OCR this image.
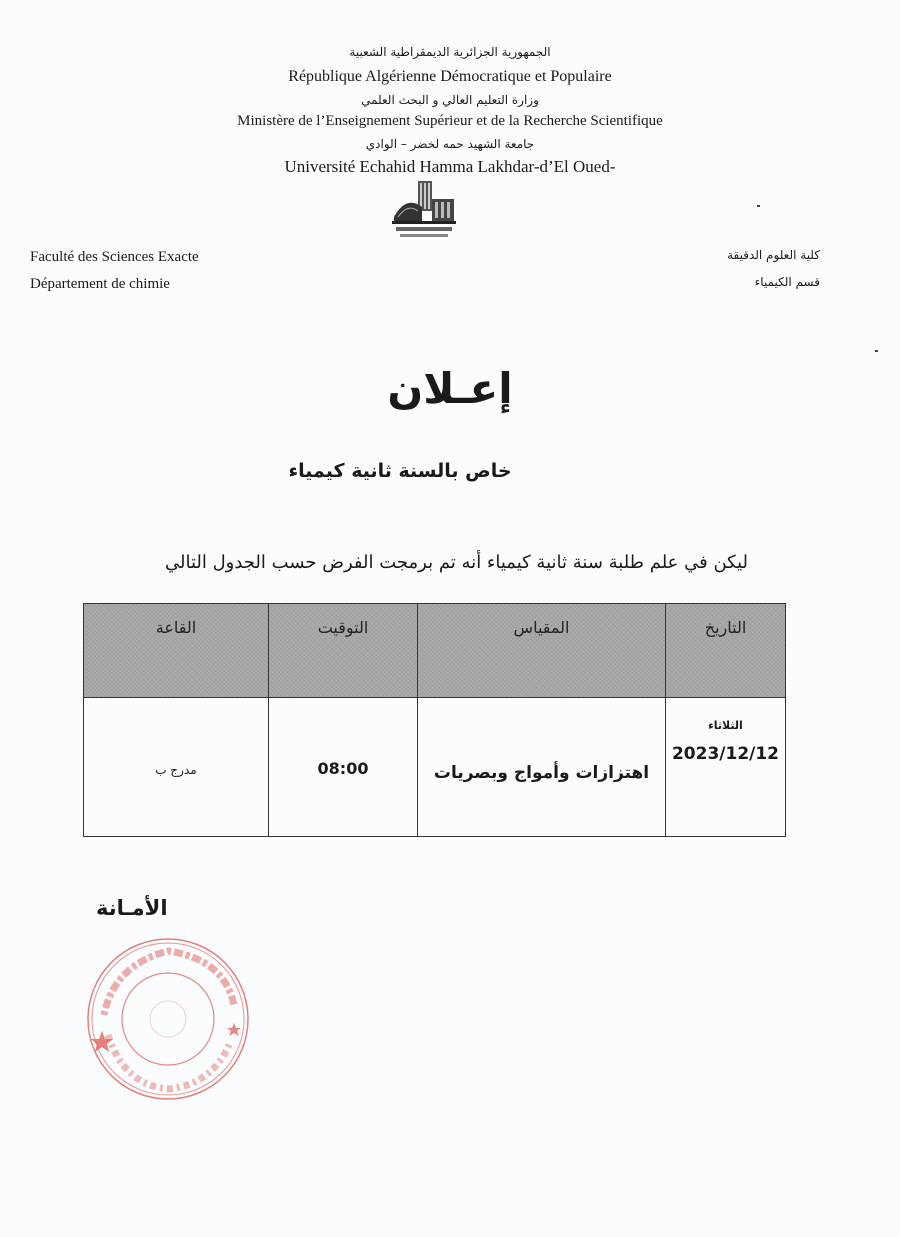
الجمهورية الجزائرية الديمقراطية الشعبية
République Algérienne Démocratique et Populaire
وزارة التعليم العالي و البحث العلمي
Ministère de l’Enseignement Supérieur et de la Recherche Scientifique
جامعة الشهيد حمه لخضر – الوادي
Université Echahid Hamma Lakhdar-d’El Oued-
Faculté des Sciences Exacte
Département de chimie
كلية العلوم الدقيقة
قسم الكيمياء
إعـلان
خاص بالسنة ثانية كيمياء
ليكن في علم طلبة سنة ثانية كيمياء أنه تم برمجت الفرض حسب الجدول التالي
التاريخ	المقياس	التوقيت	القاعة

الثلاثاء
2023/12/12	اهتزازات وأمواج وبصريات	08:00	مدرج ب
الأمـانة
